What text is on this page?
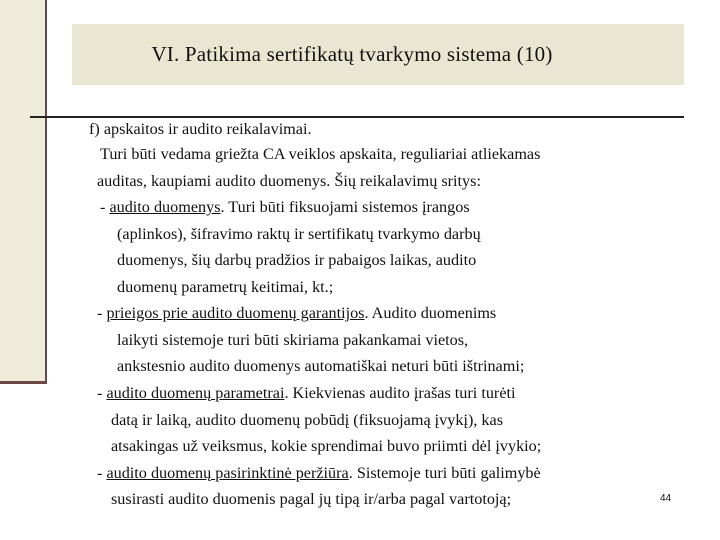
VI. Patikima sertifikatų tvarkymo sistema (10)
f) apskaitos ir audito reikalavimai.
Turi būti vedama griežta CA veiklos apskaita, reguliariai atliekamas
auditas, kaupiami audito duomenys. Šių reikalavimų sritys:
- audito duomenys. Turi būti fiksuojami sistemos įrangos
(aplinkos), šifravimo raktų ir sertifikatų tvarkymo darbų
duomenys, šių darbų pradžios ir pabaigos laikas, audito
duomenų parametrų keitimai, kt.;
- prieigos prie audito duomenų garantijos. Audito duomenims
laikyti sistemoje turi būti skiriama pakankamai vietos,
ankstesnio audito duomenys automatiškai neturi būti ištrinami;
- audito duomenų parametrai. Kiekvienas audito įrašas turi turėti
datą ir laiką, audito duomenų pobūdį (fiksuojamą įvykį), kas
atsakingas už veiksmus, kokie sprendimai buvo priimti dėl įvykio;
- audito duomenų pasirinktinė peržiūra. Sistemoje turi būti galimybė
susirasti audito duomenis pagal jų tipą ir/arba pagal vartotoją;	44
